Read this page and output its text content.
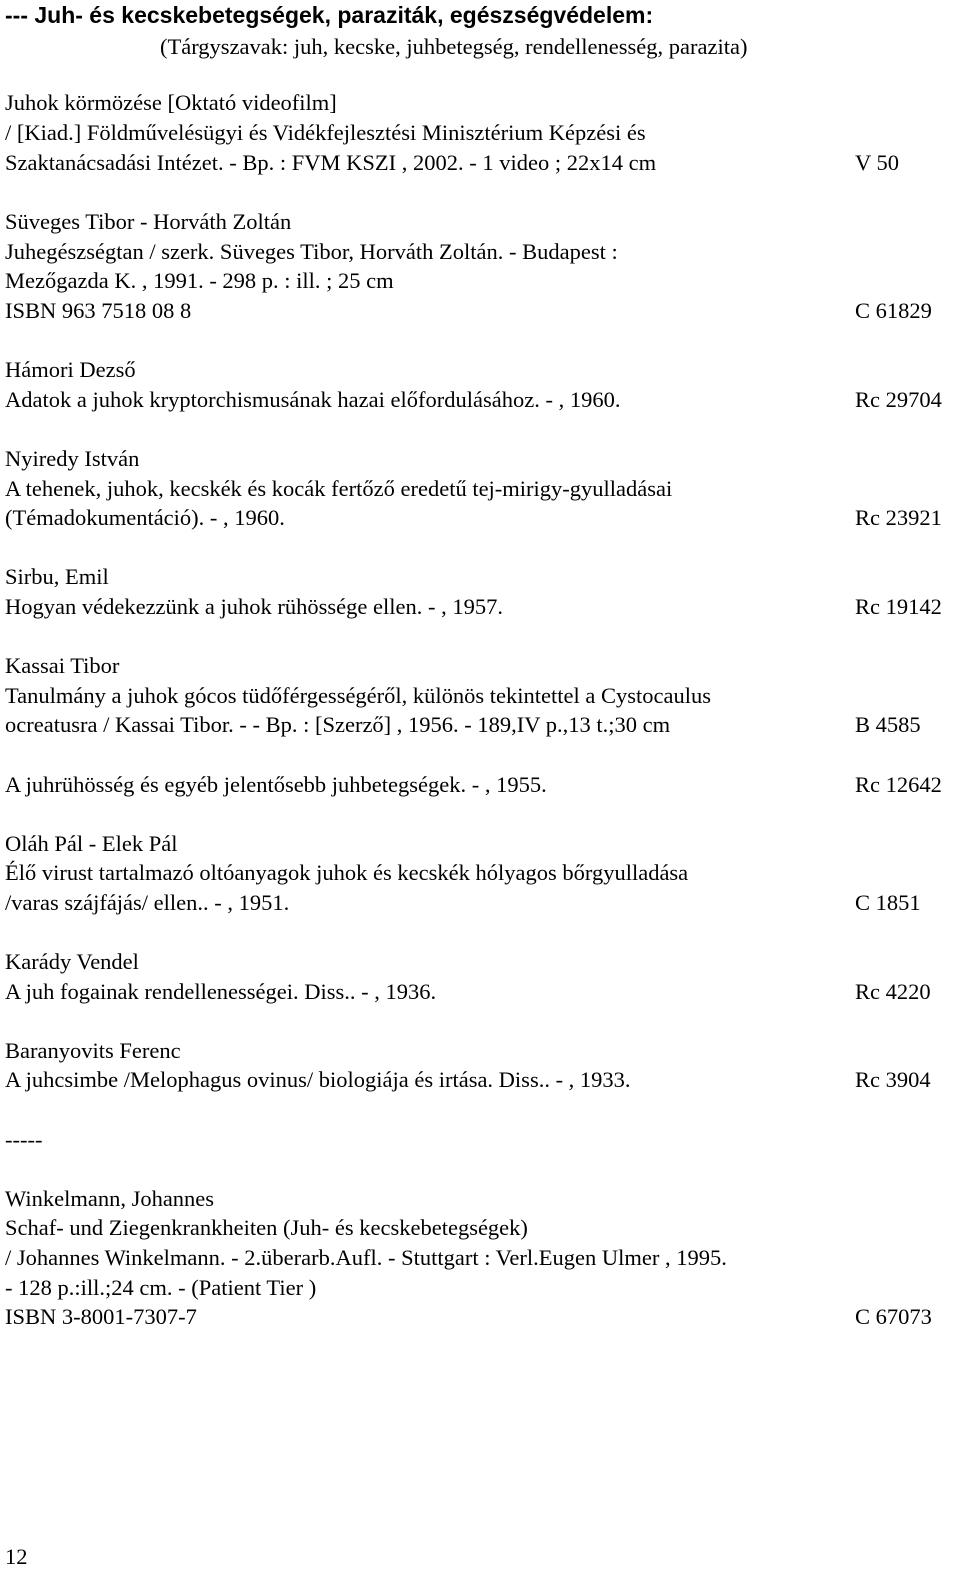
--- Juh- és kecskebetegségek, paraziták, egészségvédelem:
(Tárgyszavak: juh, kecske, juhbetegség, rendellenesség, parazita)
Juhok körmözése [Oktató videofilm]
/ [Kiad.] Földművelésügyi és Vidékfejlesztési Minisztérium Képzési és
Szaktanácsadási Intézet. - Bp. : FVM KSZI , 2002. - 1 video ; 22x14 cm	V 50
Süveges Tibor - Horváth Zoltán
Juhegészségtan / szerk. Süveges Tibor, Horváth Zoltán. - Budapest :
Mezőgazda K. , 1991. - 298 p. : ill. ; 25 cm
ISBN 963 7518 08 8	C 61829
Hámori Dezső
Adatok a juhok kryptorchismusának hazai előfordulásához. - , 1960.	Rc 29704
Nyiredy István
A tehenek, juhok, kecskék és kocák fertőző eredetű tej-mirigy-gyulladásai
(Témadokumentáció). - , 1960.	Rc 23921
Sirbu, Emil
Hogyan védekezzünk a juhok rühössége ellen. - , 1957.	Rc 19142
Kassai Tibor
Tanulmány a juhok gócos tüdőférgességéről, különös tekintettel a Cystocaulus
ocreatusra / Kassai Tibor. - - Bp. : [Szerző] , 1956. - 189,IV p.,13 t.;30 cm	B 4585
A juhrühösség és egyéb jelentősebb juhbetegségek. - , 1955.	Rc 12642
Oláh Pál - Elek Pál
Élő virust tartalmazó oltóanyagok juhok és kecskék hólyagos bőrgyulladása
/varas szájfájás/ ellen.. - , 1951.	C 1851
Karády Vendel
A juh fogainak rendellenességei. Diss.. - , 1936.	Rc 4220
Baranyovits Ferenc
A juhcsimbe /Melophagus ovinus/ biologiája és irtása. Diss.. - , 1933.	Rc 3904
-----
Winkelmann, Johannes
Schaf- und Ziegenkrankheiten (Juh- és kecskebetegségek)
/ Johannes Winkelmann. - 2.überarb.Aufl. - Stuttgart : Verl.Eugen Ulmer , 1995.
- 128 p.:ill.;24 cm. - (Patient Tier )
ISBN 3-8001-7307-7	C 67073
12
